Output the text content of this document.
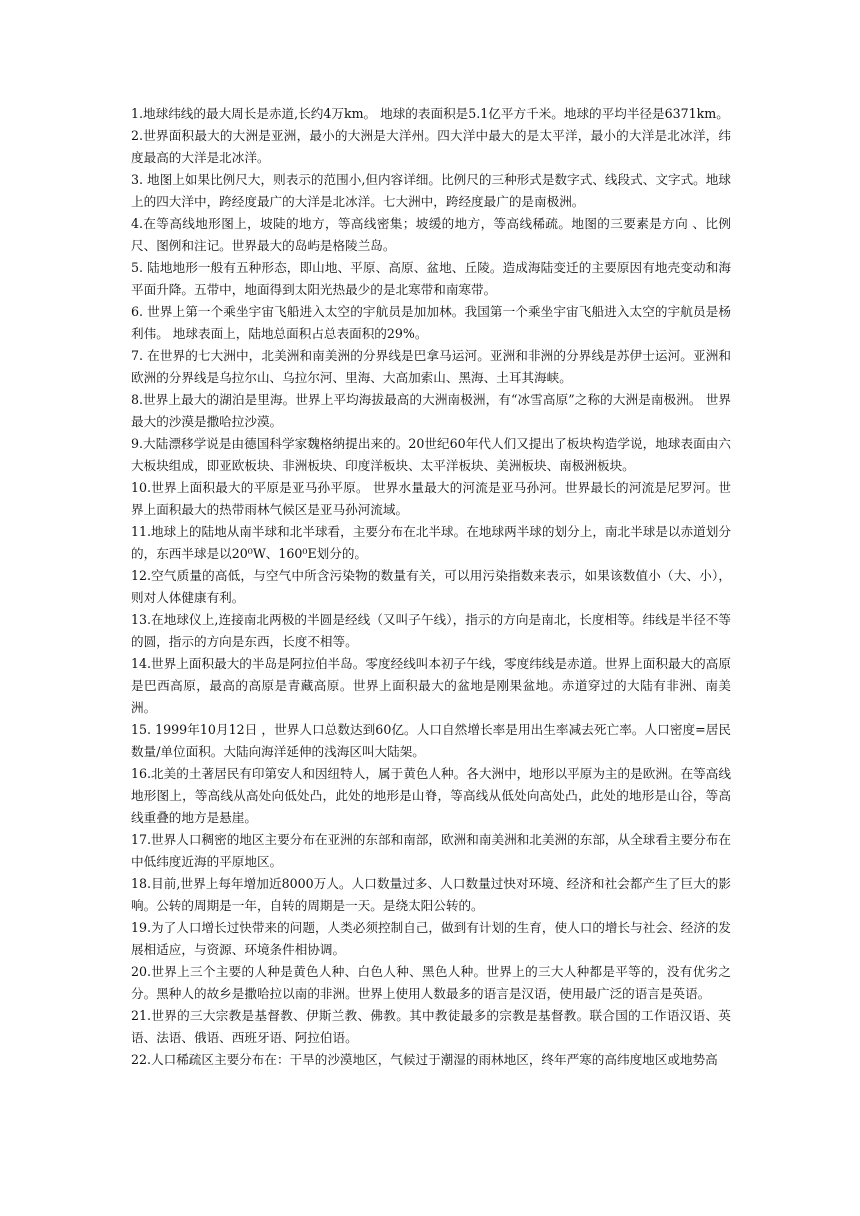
1.地球纬线的最大周长是赤道,长约4万km。 地球的表面积是5.1亿平方千米。地球的平均半径是6371km。

2.世界面积最大的大洲是亚洲，最小的大洲是大洋州。四大洋中最大的是太平洋，最小的大洋是北冰洋，纬度最高的大洋是北冰洋。

3. 地图上如果比例尺大，则表示的范围小,但内容详细。比例尺的三种形式是数字式、线段式、文字式。地球上的四大洋中，跨经度最广的大洋是北冰洋。七大洲中，跨经度最广的是南极洲。

4.在等高线地形图上，坡陡的地方，等高线密集；坡缓的地方，等高线稀疏。地图的三要素是方向 、比例尺、图例和注记。世界最大的岛屿是格陵兰岛。

5. 陆地地形一般有五种形态，即山地、平原、高原、盆地、丘陵。造成海陆变迁的主要原因有地壳变动和海平面升降。五带中，地面得到太阳光热最少的是北寒带和南寒带。

6. 世界上第一个乘坐宇宙飞船进入太空的宇航员是加加林。我国第一个乘坐宇宙飞船进入太空的宇航员是杨利伟。 地球表面上，陆地总面积占总表面积的29%。

7. 在世界的七大洲中，北美洲和南美洲的分界线是巴拿马运河。亚洲和非洲的分界线是苏伊士运河。亚洲和欧洲的分界线是乌拉尔山、乌拉尔河、里海、大高加索山、黑海、土耳其海峡。

8.世界上最大的湖泊是里海。世界上平均海拔最高的大洲南极洲，有“冰雪高原”之称的大洲是南极洲。 世界最大的沙漠是撒哈拉沙漠。

9.大陆漂移学说是由德国科学家魏格纳提出来的。20世纪60年代人们又提出了板块构造学说，地球表面由六大板块组成，即亚欧板块、非洲板块、印度洋板块、太平洋板块、美洲板块、南极洲板块。

10.世界上面积最大的平原是亚马孙平原。 世界水量最大的河流是亚马孙河。世界最长的河流是尼罗河。世界上面积最大的热带雨林气候区是亚马孙河流域。

11.地球上的陆地从南半球和北半球看，主要分布在北半球。在地球两半球的划分上，南北半球是以赤道划分的，东西半球是以20⁰W、160⁰E划分的。

12.空气质量的高低，与空气中所含污染物的数量有关，可以用污染指数来表示，如果该数值小（大、小），则对人体健康有利。

13.在地球仪上,连接南北两极的半圆是经线（又叫子午线），指示的方向是南北，长度相等。纬线是半径不等的圆，指示的方向是东西，长度不相等。

14.世界上面积最大的半岛是阿拉伯半岛。零度经线叫本初子午线，零度纬线是赤道。世界上面积最大的高原是巴西高原，最高的高原是青藏高原。世界上面积最大的盆地是刚果盆地。赤道穿过的大陆有非洲、南美洲。

15. 1999年10月12日 ，世界人口总数达到60亿。人口自然增长率是用出生率减去死亡率。人口密度=居民数量/单位面积。大陆向海洋延伸的浅海区叫大陆架。

16.北美的土著居民有印第安人和因纽特人，属于黄色人种。各大洲中，地形以平原为主的是欧洲。在等高线地形图上，等高线从高处向低处凸，此处的地形是山脊，等高线从低处向高处凸，此处的地形是山谷，等高线重叠的地方是悬崖。

17.世界人口稠密的地区主要分布在亚洲的东部和南部，欧洲和南美洲和北美洲的东部，从全球看主要分布在中低纬度近海的平原地区。

18.目前,世界上每年增加近8000万人。人口数量过多、人口数量过快对环境、经济和社会都产生了巨大的影响。公转的周期是一年，自转的周期是一天。是绕太阳公转的。

19.为了人口增长过快带来的问题，人类必须控制自己，做到有计划的生育，使人口的增长与社会、经济的发展相适应，与资源、环境条件相协调。

20.世界上三个主要的人种是黄色人种、白色人种、黑色人种。世界上的三大人种都是平等的，没有优劣之分。黑种人的故乡是撒哈拉以南的非洲。世界上使用人数最多的语言是汉语，使用最广泛的语言是英语。

21.世界的三大宗教是基督教、伊斯兰教、佛教。其中教徒最多的宗教是基督教。联合国的工作语汉语、英语、法语、俄语、西班牙语、阿拉伯语。

22.人口稀疏区主要分布在：干旱的沙漠地区，气候过于潮湿的雨林地区，终年严寒的高纬度地区或地势高
